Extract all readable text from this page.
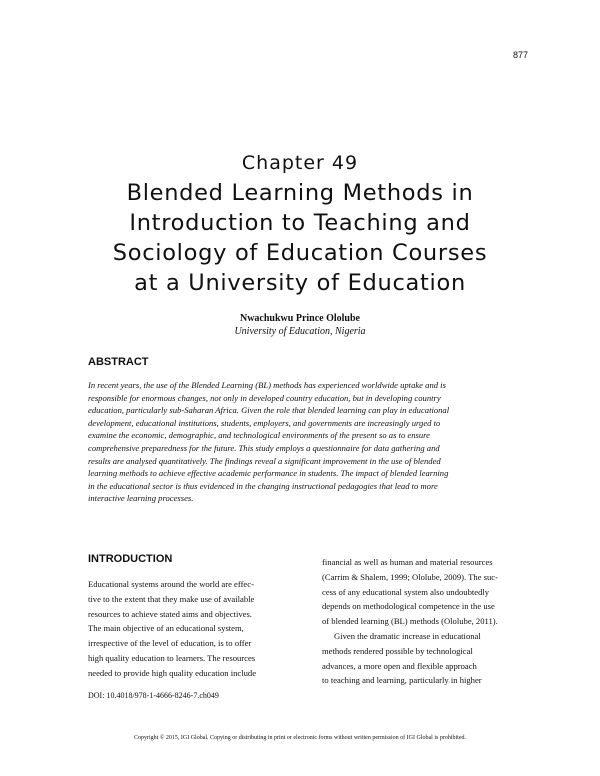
877
Chapter 49
Blended Learning Methods in
Introduction to Teaching and
Sociology of Education Courses
at a University of Education
Nwachukwu Prince Ololube
University of Education, Nigeria
ABSTRACT
In recent years, the use of the Blended Learning (BL) methods has experienced worldwide uptake and is
responsible for enormous changes, not only in developed country education, but in developing country
education, particularly sub-Saharan Africa. Given the role that blended learning can play in educational
development, educational institutions, students, employers, and governments are increasingly urged to
examine the economic, demographic, and technological environments of the present so as to ensure
comprehensive preparedness for the future. This study employs a questionnaire for data gathering and
results are analysed quantitatively. The findings reveal a significant improvement in the use of blended
learning methods to achieve effective academic performance in students. The impact of blended learning
in the educational sector is thus evidenced in the changing instructional pedagogies that lead to more
interactive learning processes.
INTRODUCTION
Educational systems around the world are effec-
tive to the extent that they make use of available
resources to achieve stated aims and objectives.
The main objective of an educational system,
irrespective of the level of education, is to offer
high quality education to learners. The resources
needed to provide high quality education include
financial as well as human and material resources
(Carrim & Shalem, 1999; Ololube, 2009). The suc-
cess of any educational system also undoubtedly
depends on methodological competence in the use
of blended learning (BL) methods (Ololube, 2011).
Given the dramatic increase in educational
methods rendered possible by technological
advances, a more open and flexible approach
to teaching and learning, particularly in higher
DOI: 10.4018/978-1-4666-8246-7.ch049
Copyright © 2015, IGI Global. Copying or distributing in print or electronic forms without written permission of IGI Global is prohibited.
